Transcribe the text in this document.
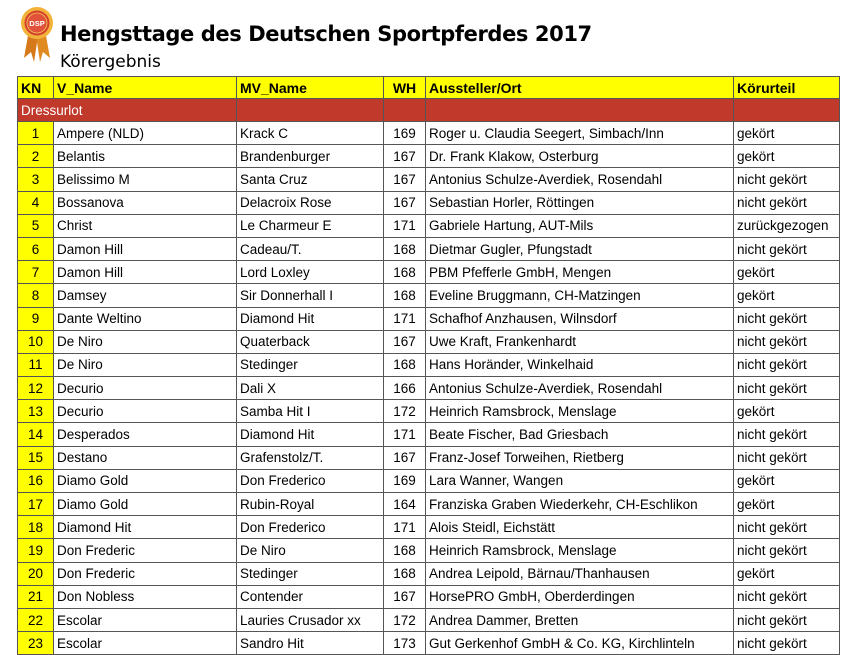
DSP Hengsttage des Deutschen Sportpferdes 2017
Körergebnis
KN	V_Name	MV_Name	WH	Aussteller/Ort	Körurteil
Dressurlot					
1	Ampere (NLD)	Krack C	169	Roger u. Claudia Seegert, Simbach/Inn	gekört
2	Belantis	Brandenburger	167	Dr. Frank Klakow, Osterburg	gekört
3	Belissimo M	Santa Cruz	167	Antonius Schulze-Averdiek, Rosendahl	nicht gekört
4	Bossanova	Delacroix Rose	167	Sebastian Horler, Röttingen	nicht gekört
5	Christ	Le Charmeur E	171	Gabriele Hartung, AUT-Mils	zurückgezogen
6	Damon Hill	Cadeau/T.	168	Dietmar Gugler, Pfungstadt	nicht gekört
7	Damon Hill	Lord Loxley	168	PBM Pfefferle GmbH, Mengen	gekört
8	Damsey	Sir Donnerhall I	168	Eveline Bruggmann, CH-Matzingen	gekört
9	Dante Weltino	Diamond Hit	171	Schafhof Anzhausen, Wilnsdorf	nicht gekört
10	De Niro	Quaterback	167	Uwe Kraft, Frankenhardt	nicht gekört
11	De Niro	Stedinger	168	Hans Horänder, Winkelhaid	nicht gekört
12	Decurio	Dali X	166	Antonius Schulze-Averdiek, Rosendahl	nicht gekört
13	Decurio	Samba Hit I	172	Heinrich Ramsbrock, Menslage	gekört
14	Desperados	Diamond Hit	171	Beate Fischer, Bad Griesbach	nicht gekört
15	Destano	Grafenstolz/T.	167	Franz-Josef Torweihen, Rietberg	nicht gekört
16	Diamo Gold	Don Frederico	169	Lara Wanner, Wangen	gekört
17	Diamo Gold	Rubin-Royal	164	Franziska Graben Wiederkehr, CH-Eschlikon	gekört
18	Diamond Hit	Don Frederico	171	Alois Steidl, Eichstätt	nicht gekört
19	Don Frederic	De Niro	168	Heinrich Ramsbrock, Menslage	nicht gekört
20	Don Frederic	Stedinger	168	Andrea Leipold, Bärnau/Thanhausen	gekört
21	Don Nobless	Contender	167	HorsePRO GmbH, Oberderdingen	nicht gekört
22	Escolar	Lauries Crusador xx	172	Andrea Dammer, Bretten	nicht gekört
23	Escolar	Sandro Hit	173	Gut Gerkenhof GmbH & Co. KG, Kirchlinteln	nicht gekört
